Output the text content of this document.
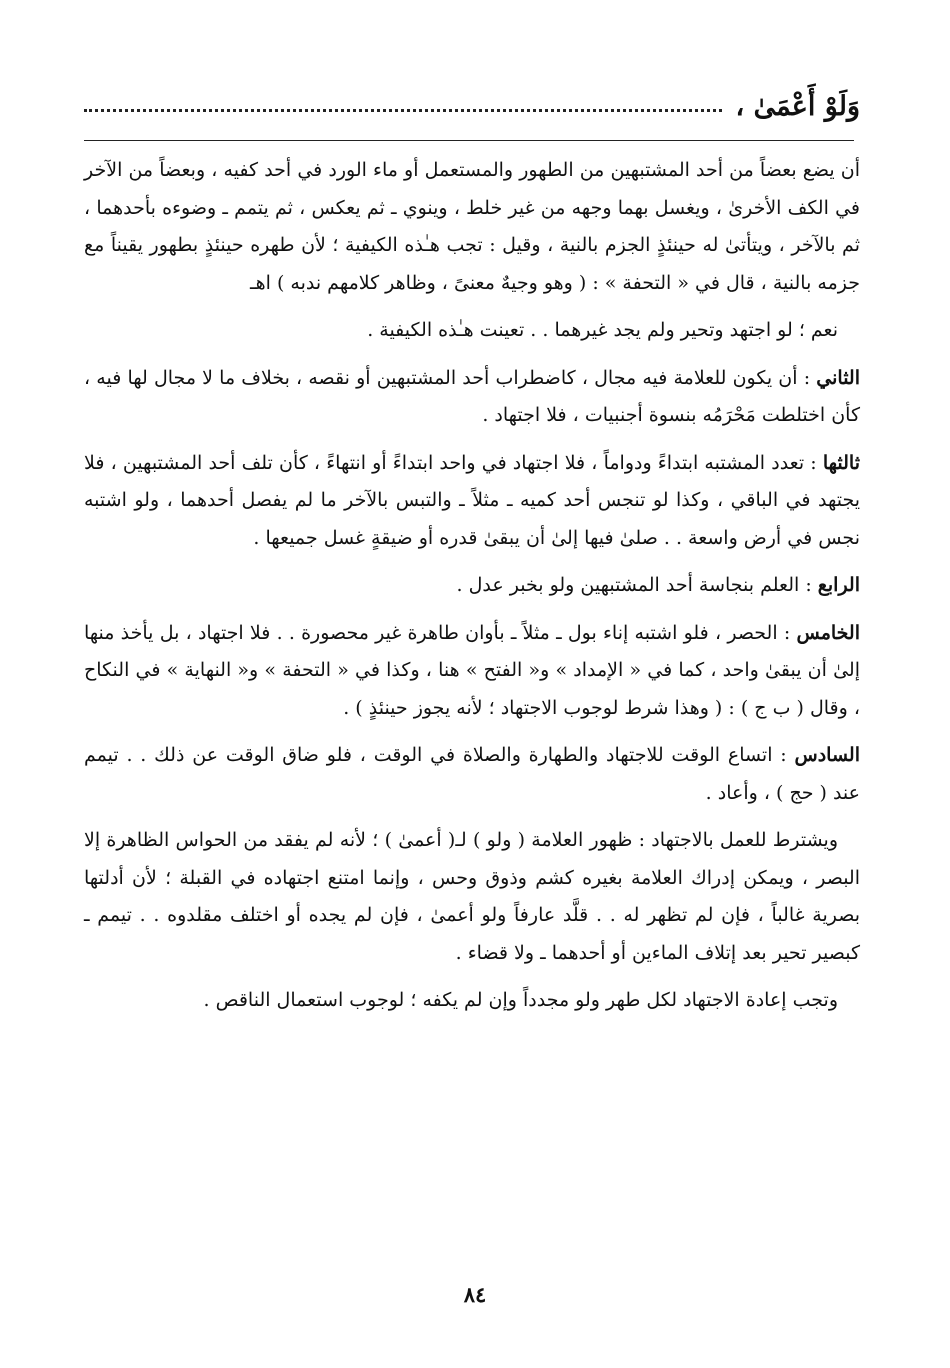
وَلَوْ أَعْمَىٰ ،

أن يضع بعضاً من أحد المشتبهين من الطهور والمستعمل أو ماء الورد في أحد كفيه ، وبعضاً من الآخر في الكف الأخرىٰ ، ويغسل بهما وجهه من غير خلط ، وينوي ـ ثم يعكس ، ثم يتمم ـ وضوءه بأحدهما ، ثم بالآخر ، ويتأتىٰ له حينئذٍ الجزم بالنية ، وقيل : تجب هـٰذه الكيفية ؛ لأن طهره حينئذٍ بطهور يقيناً مع جزمه بالنية ، قال في « التحفة » : ( وهو وجيهٌ معنىً ، وظاهر كلامهم ندبه ) اهـ

نعم ؛ لو اجتهد وتحير ولم يجد غيرهما . . تعينت هـٰذه الكيفية .

الثاني : أن يكون للعلامة فيه مجال ، كاضطراب أحد المشتبهين أو نقصه ، بخلاف ما لا مجال لها فيه ، كأن اختلطت مَحْرَمُه بنسوة أجنبيات ، فلا اجتهاد .

ثالثها : تعدد المشتبه ابتداءً ودواماً ، فلا اجتهاد في واحد ابتداءً أو انتهاءً ، كأن تلف أحد المشتبهين ، فلا يجتهد في الباقي ، وكذا لو تنجس أحد كميه ـ مثلاً ـ والتبس بالآخر ما لم يفصل أحدهما ، ولو اشتبه نجس في أرض واسعة . . صلىٰ فيها إلىٰ أن يبقىٰ قدره أو ضيقةٍ غسل جميعها .

الرابع : العلم بنجاسة أحد المشتبهين ولو بخبر عدل .

الخامس : الحصر ، فلو اشتبه إناء بول ـ مثلاً ـ بأوان طاهرة غير محصورة . . فلا اجتهاد ، بل يأخذ منها إلىٰ أن يبقىٰ واحد ، كما في « الإمداد » و« الفتح » هنا ، وكذا في « التحفة » و« النهاية » في النكاح ، وقال ( ب ج ) : ( وهذا شرط لوجوب الاجتهاد ؛ لأنه يجوز حينئذٍ ) .

السادس : اتساع الوقت للاجتهاد والطهارة والصلاة في الوقت ، فلو ضاق الوقت عن ذلك . . تيمم عند ( حج ) ، وأعاد .

ويشترط للعمل بالاجتهاد : ظهور العلامة ( ولو ) لـ( أعمىٰ ) ؛ لأنه لم يفقد من الحواس الظاهرة إلا البصر ، ويمكن إدراك العلامة بغيره كشم وذوق وحس ، وإنما امتنع اجتهاده في القبلة ؛ لأن أدلتها بصرية غالباً ، فإن لم تظهر له . . قلَّد عارفاً ولو أعمىٰ ، فإن لم يجده أو اختلف مقلدوه . . تيمم ـ كبصير تحير بعد إتلاف الماءين أو أحدهما ـ ولا قضاء .

وتجب إعادة الاجتهاد لكل طهر ولو مجدداً وإن لم يكفه ؛ لوجوب استعمال الناقص .

٨٤
